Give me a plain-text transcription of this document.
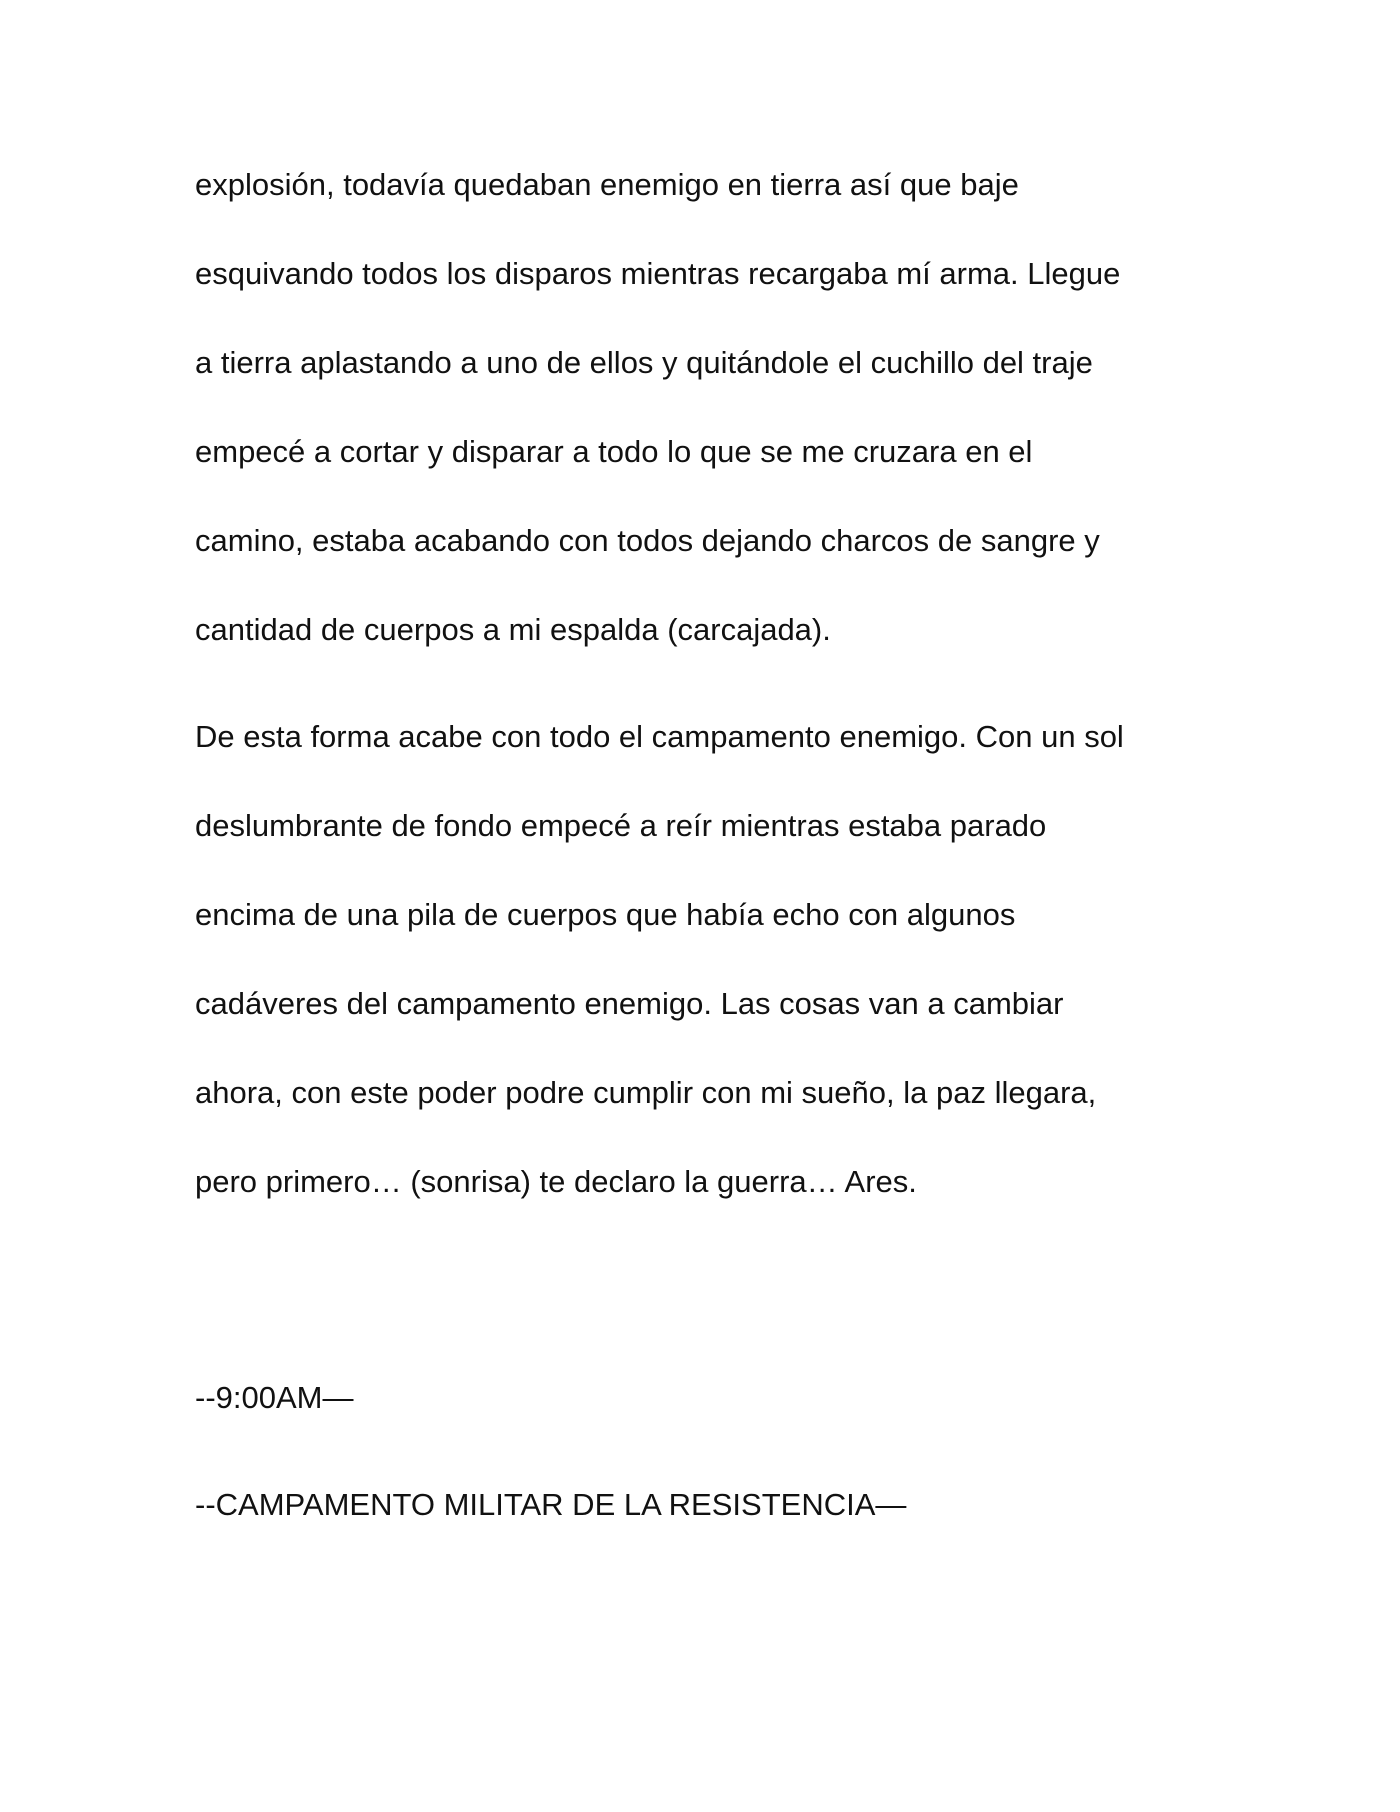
explosión, todavía quedaban enemigo en tierra así que baje
esquivando todos los disparos mientras recargaba mí arma. Llegue
a tierra aplastando a uno de ellos y quitándole el cuchillo del traje
empecé a cortar y disparar a todo lo que se me cruzara en el
camino, estaba acabando con todos dejando charcos de sangre y
cantidad de cuerpos a mi espalda (carcajada).

De esta forma acabe con todo el campamento enemigo. Con un sol
deslumbrante de fondo empecé a reír mientras estaba parado
encima de una pila de cuerpos que había echo con algunos
cadáveres del campamento enemigo. Las cosas van a cambiar
ahora, con este poder podre cumplir con mi sueño, la paz llegara,
pero primero… (sonrisa) te declaro la guerra… Ares.

--9:00AM—

--CAMPAMENTO MILITAR DE LA RESISTENCIA—
